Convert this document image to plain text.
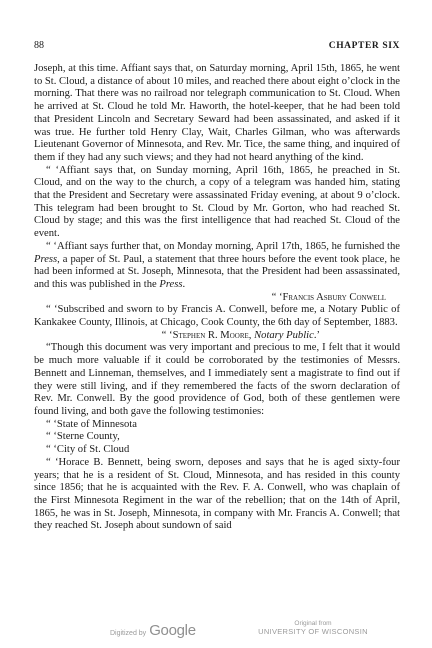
88	CHAPTER SIX

Joseph, at this time. Affiant says that, on Saturday morning, April 15th, 1865, he went to St. Cloud, a distance of about 10 miles, and reached there about eight o’clock in the morning. That there was no railroad nor telegraph communication to St. Cloud. When he arrived at St. Cloud he told Mr. Haworth, the hotel-keeper, that he had been told that President Lincoln and Secretary Seward had been assassinated, and asked if it was true. He further told Henry Clay, Wait, Charles Gilman, who was afterwards Lieutenant Governor of Minnesota, and Rev. Mr. Tice, the same thing, and inquired of them if they had any such views; and they had not heard anything of the kind.

“ ‘Affiant says that, on Sunday morning, April 16th, 1865, he preached in St. Cloud, and on the way to the church, a copy of a telegram was handed him, stating that the President and Secretary were assassinated Friday evening, at about 9 o’clock. This telegram had been brought to St. Cloud by Mr. Gorton, who had reached St. Cloud by stage; and this was the first intelligence that had reached St. Cloud of the event.

“ ‘Affiant says further that, on Monday morning, April 17th, 1865, he furnished the Press, a paper of St. Paul, a statement that three hours before the event took place, he had been informed at St. Joseph, Minnesota, that the President had been assassinated, and this was published in the Press.

“ ‘Francis Asbury Conwell

“ ‘Subscribed and sworn to by Francis A. Conwell, before me, a Notary Public of Kankakee County, Illinois, at Chicago, Cook County, the 6th day of September, 1883.

“ ‘Stephen R. Moore, Notary Public.’

“Though this document was very important and precious to me, I felt that it would be much more valuable if it could be corroborated by the testimonies of Messrs. Bennett and Linneman, themselves, and I immediately sent a magistrate to find out if they were still living, and if they remembered the facts of the sworn declaration of Rev. Mr. Conwell. By the good providence of God, both of these gentlemen were found living, and both gave the following testimonies:

“ ‘State of Minnesota

“ ‘Sterne County,

“ ‘City of St. Cloud

“ ‘Horace B. Bennett, being sworn, deposes and says that he is aged sixty-four years; that he is a resident of St. Cloud, Minnesota, and has resided in this county since 1856; that he is acquainted with the Rev. F. A. Conwell, who was chaplain of the First Minnesota Regiment in the war of the rebellion; that on the 14th of April, 1865, he was in St. Joseph, Minnesota, in company with Mr. Francis A. Conwell; that they reached St. Joseph about sundown of said

Digitized by Google	Original from
UNIVERSITY OF WISCONSIN
